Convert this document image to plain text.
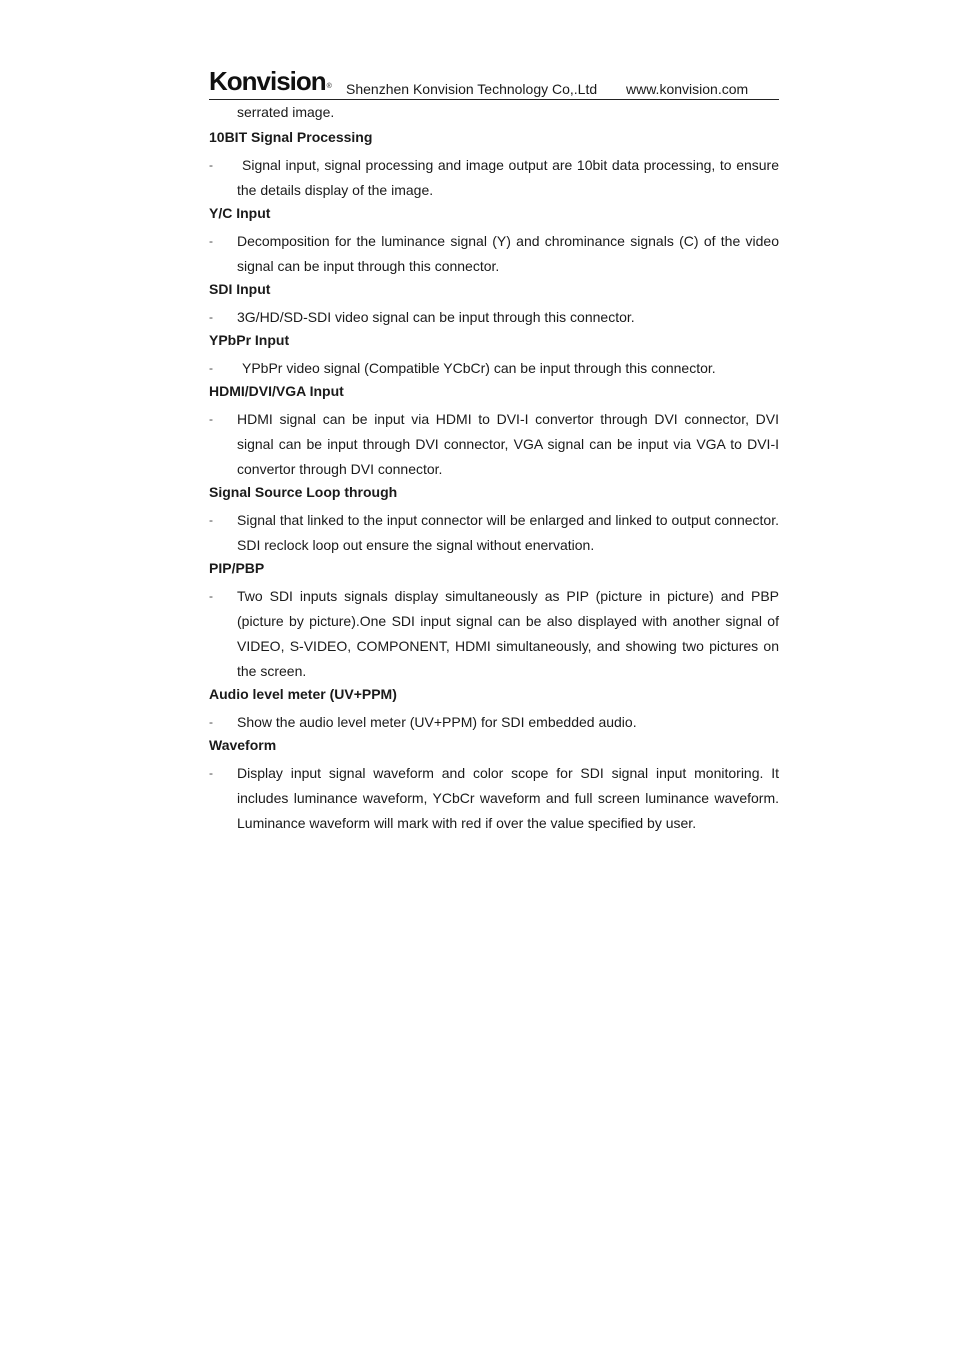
Konvision® Shenzhen Konvision Technology Co,.Ltd www.konvision.com
serrated image.
10BIT Signal Processing
-	Signal input, signal processing and image output are 10bit data processing, to ensure the details display of the image.
Y/C Input
-	Decomposition for the luminance signal (Y) and chrominance signals (C) of the video signal can be input through this connector.
SDI Input
-	3G/HD/SD-SDI video signal can be input through this connector.
YPbPr Input
-	YPbPr video signal (Compatible YCbCr) can be input through this connector.
HDMI/DVI/VGA Input
-	HDMI signal can be input via HDMI to DVI-I convertor through DVI connector, DVI signal can be input through DVI connector, VGA signal can be input via VGA to DVI-I convertor through DVI connector.
Signal Source Loop through
-	Signal that linked to the input connector will be enlarged and linked to output connector. SDI reclock loop out ensure the signal without enervation.
PIP/PBP
-	Two SDI inputs signals display simultaneously as PIP (picture in picture) and PBP (picture by picture).One SDI input signal can be also displayed with another signal of VIDEO, S-VIDEO, COMPONENT, HDMI simultaneously, and showing two pictures on the screen.
Audio level meter (UV+PPM)
-	Show the audio level meter (UV+PPM) for SDI embedded audio.
Waveform
-	Display input signal waveform and color scope for SDI signal input monitoring. It includes luminance waveform, YCbCr waveform and full screen luminance waveform. Luminance waveform will mark with red if over the value specified by user.
